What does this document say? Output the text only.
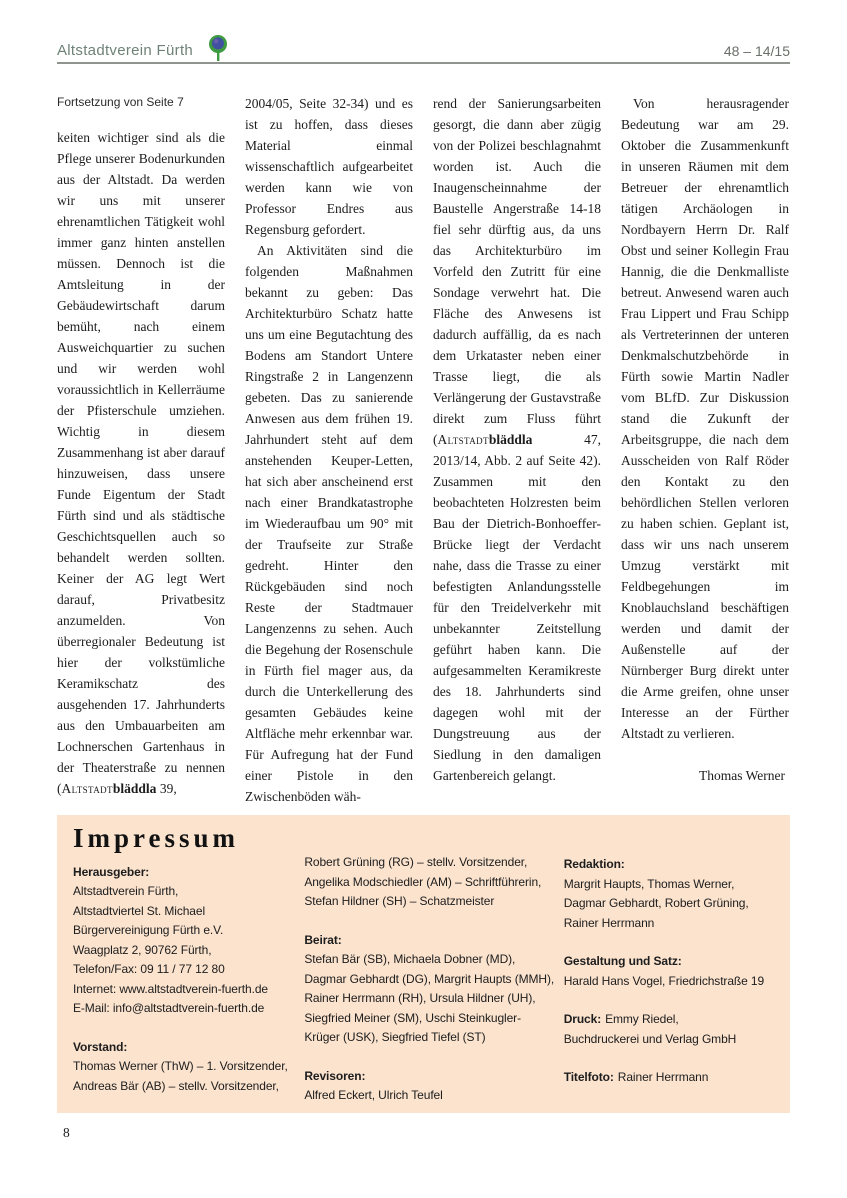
Altstadtverein Fürth	48 – 14/15
Fortsetzung von Seite 7

keiten wichtiger sind als die Pflege unserer Bodenurkunden aus der Altstadt. Da werden wir uns mit unserer ehrenamtlichen Tätigkeit wohl immer ganz hinten anstellen müssen. Dennoch ist die Amtsleitung in der Gebäudewirtschaft darum bemüht, nach einem Ausweichquartier zu suchen und wir werden wohl voraussichtlich in Kellerräume der Pfisterschule umziehen. Wichtig in diesem Zusammenhang ist aber darauf hinzuweisen, dass unsere Funde Eigentum der Stadt Fürth sind und als städtische Geschichtsquellen auch so behandelt werden sollten. Keiner der AG legt Wert darauf, Privatbesitz anzumelden. Von überregionaler Bedeutung ist hier der volkstümliche Keramikschatz des ausgehenden 17. Jahrhunderts aus den Umbauarbeiten am Lochnerschen Gartenhaus in der Theaterstraße zu nennen (Altstadtbläddla 39,

2004/05, Seite 32-34) und es ist zu hoffen, dass dieses Material einmal wissenschaftlich aufgearbeitet werden kann wie von Professor Endres aus Regensburg gefordert.

An Aktivitäten sind die folgenden Maßnahmen bekannt zu geben: Das Architekturbüro Schatz hatte uns um eine Begutachtung des Bodens am Standort Untere Ringstraße 2 in Langenzenn gebeten. Das zu sanierende Anwesen aus dem frühen 19. Jahrhundert steht auf dem anstehenden Keuper-Letten, hat sich aber anscheinend erst nach einer Brandkatastrophe im Wiederaufbau um 90° mit der Traufseite zur Straße gedreht. Hinter den Rückgebäuden sind noch Reste der Stadtmauer Langenzenns zu sehen. Auch die Begehung der Rosenschule in Fürth fiel mager aus, da durch die Unterkellerung des gesamten Gebäudes keine Altfläche mehr erkennbar war. Für Aufregung hat der Fund einer Pistole in den Zwischenböden wäh-

rend der Sanierungsarbeiten gesorgt, die dann aber zügig von der Polizei beschlagnahmt worden ist. Auch die Inaugenscheinnahme der Baustelle Angerstraße 14-18 fiel sehr dürftig aus, da uns das Architekturbüro im Vorfeld den Zutritt für eine Sondage verwehrt hat. Die Fläche des Anwesens ist dadurch auffällig, da es nach dem Urkataster neben einer Trasse liegt, die als Verlängerung der Gustavstraße direkt zum Fluss führt (Altstadtbläddla 47, 2013/14, Abb. 2 auf Seite 42). Zusammen mit den beobachteten Holzresten beim Bau der Dietrich-Bonhoeffer-Brücke liegt der Verdacht nahe, dass die Trasse zu einer befestigten Anlandungsstelle für den Treidelverkehr mit unbekannter Zeitstellung geführt haben kann. Die aufgesammelten Keramikreste des 18. Jahrhunderts sind dagegen wohl mit der Dungstreuung aus der Siedlung in den damaligen Gartenbereich gelangt.

Von herausragender Bedeutung war am 29. Oktober die Zusammenkunft in unseren Räumen mit dem Betreuer der ehrenamtlich tätigen Archäologen in Nordbayern Herrn Dr. Ralf Obst und seiner Kollegin Frau Hannig, die die Denkmalliste betreut. Anwesend waren auch Frau Lippert und Frau Schipp als Vertreterinnen der unteren Denkmalschutzbehörde in Fürth sowie Martin Nadler vom BLfD. Zur Diskussion stand die Zukunft der Arbeitsgruppe, die nach dem Ausscheiden von Ralf Röder den Kontakt zu den behördlichen Stellen verloren zu haben schien. Geplant ist, dass wir uns nach unserem Umzug verstärkt mit Feldbegehungen im Knoblauchsland beschäftigen werden und damit der Außenstelle auf der Nürnberger Burg direkt unter die Arme greifen, ohne unser Interesse an der Fürther Altstadt zu verlieren.

Thomas Werner
Impressum
Herausgeber:
Altstadtverein Fürth,
Altstadtviertel St. Michael
Bürgervereinigung Fürth e.V.
Waagplatz 2, 90762 Fürth,
Telefon/Fax: 09 11 / 77 12 80
Internet: www.altstadtverein-fuerth.de
E-Mail: info@altstadtverein-fuerth.de
Vorstand:
Thomas Werner (ThW) – 1. Vorsitzender,
Andreas Bär (AB) – stellv. Vorsitzender,
Robert Grüning (RG) – stellv. Vorsitzender,
Angelika Modschiedler (AM) – Schriftführerin,
Stefan Hildner (SH) – Schatzmeister
Beirat:
Stefan Bär (SB), Michaela Dobner (MD),
Dagmar Gebhardt (DG), Margrit Haupts (MMH),
Rainer Herrmann (RH), Ursula Hildner (UH),
Siegfried Meiner (SM), Uschi Steinkugler-
Krüger (USK), Siegfried Tiefel (ST)
Revisoren:
Alfred Eckert, Ulrich Teufel
Redaktion:
Margrit Haupts, Thomas Werner,
Dagmar Gebhardt, Robert Grüning,
Rainer Herrmann
Gestaltung und Satz:
Harald Hans Vogel, Friedrichstraße 19
Druck: Emmy Riedel,
Buchdruckerei und Verlag GmbH
Titelfoto: Rainer Herrmann
8
